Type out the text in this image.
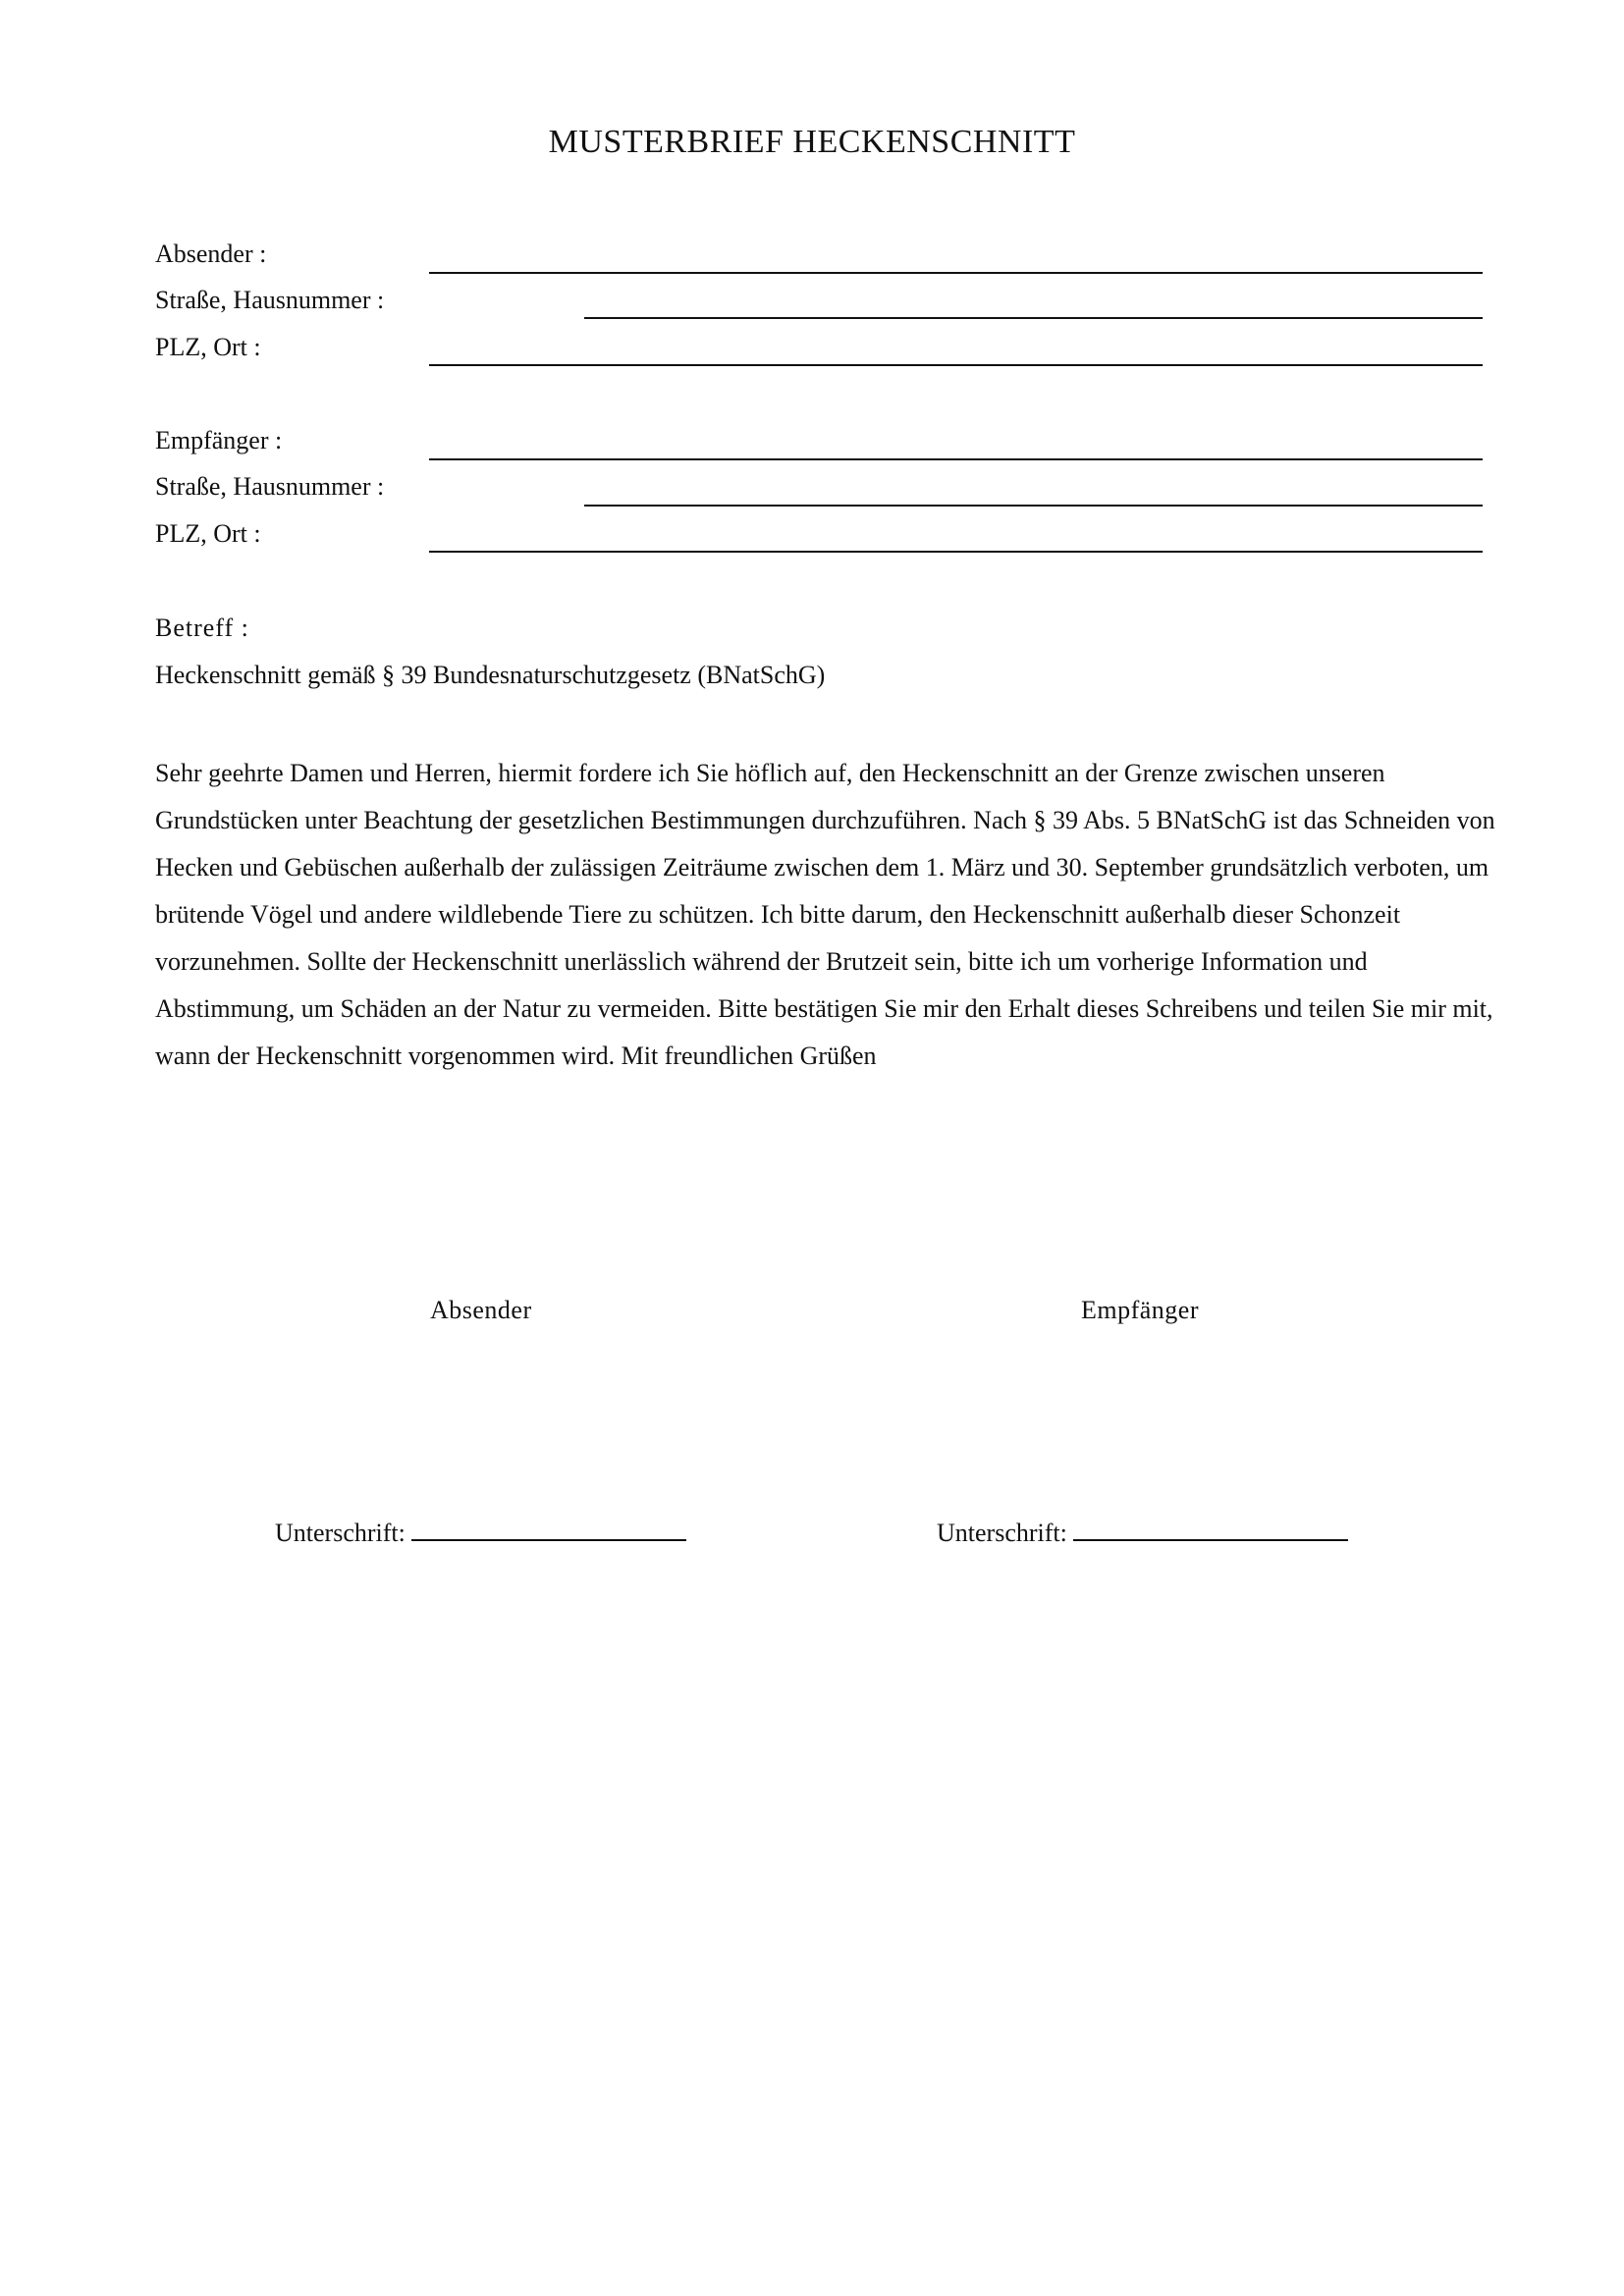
MUSTERBRIEF HECKENSCHNITT
Absender :
Straße, Hausnummer :
PLZ, Ort :
Empfänger :
Straße, Hausnummer :
PLZ, Ort :
Betreff :
Heckenschnitt gemäß § 39 Bundesnaturschutzgesetz (BNatSchG)

Sehr geehrte Damen und Herren, hiermit fordere ich Sie höflich auf, den Heckenschnitt an der Grenze zwischen unseren Grundstücken unter Beachtung der gesetzlichen Bestimmungen durchzuführen. Nach § 39 Abs. 5 BNatSchG ist das Schneiden von Hecken und Gebüschen außerhalb der zulässigen Zeiträume zwischen dem 1. März und 30. September grundsätzlich verboten, um brütende Vögel und andere wildlebende Tiere zu schützen. Ich bitte darum, den Heckenschnitt außerhalb dieser Schonzeit vorzunehmen. Sollte der Heckenschnitt unerlässlich während der Brutzeit sein, bitte ich um vorherige Information und Abstimmung, um Schäden an der Natur zu vermeiden. Bitte bestätigen Sie mir den Erhalt dieses Schreibens und teilen Sie mir mit, wann der Heckenschnitt vorgenommen wird. Mit freundlichen Grüßen

Absender	Empfänger
Unterschrift:	Unterschrift:
